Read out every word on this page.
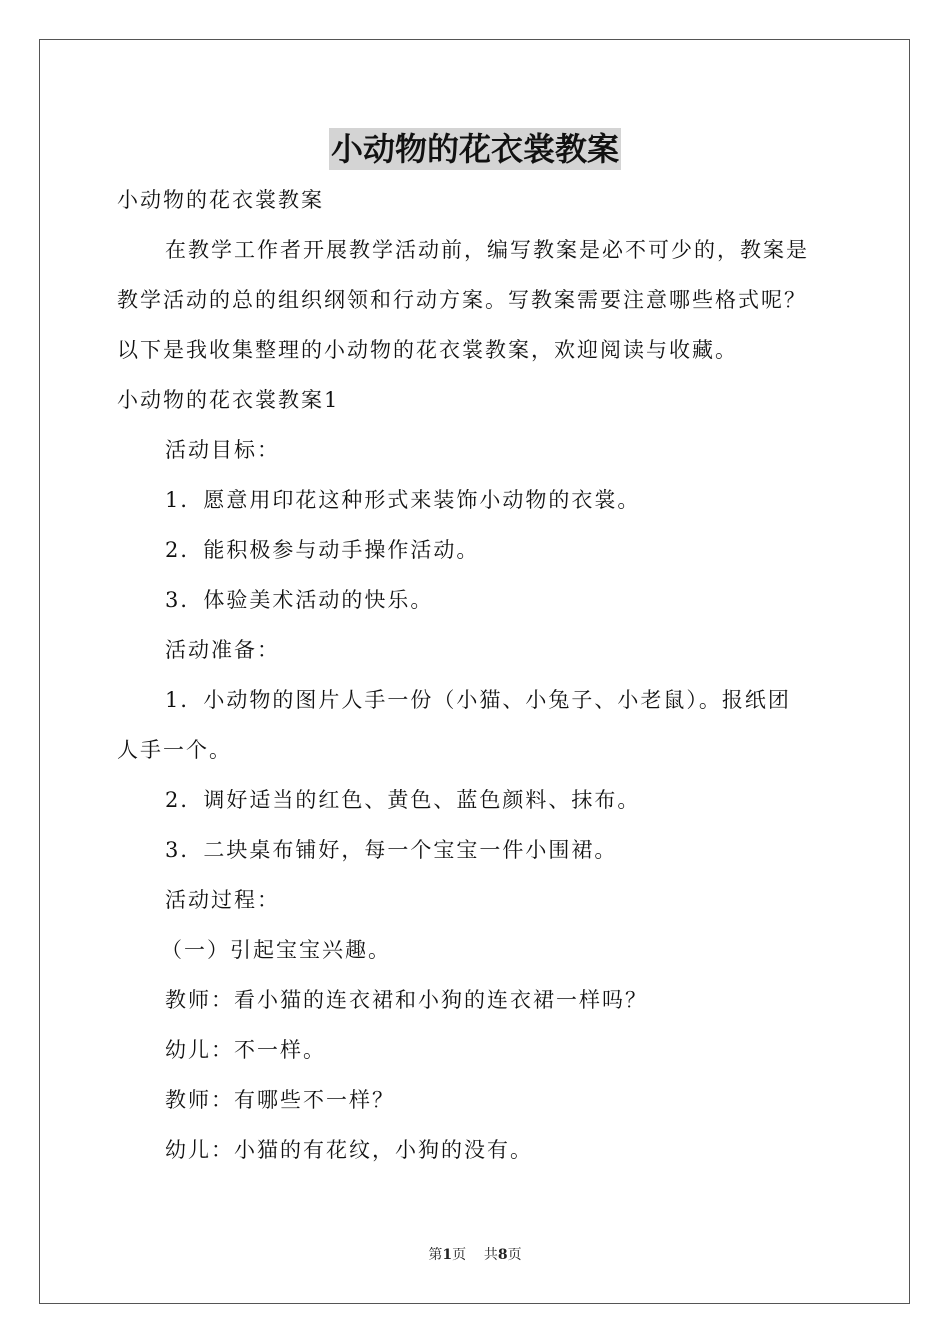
小动物的花衣裳教案
小动物的花衣裳教案
在教学工作者开展教学活动前，编写教案是必不可少的，教案是
教学活动的总的组织纲领和行动方案。写教案需要注意哪些格式呢？
以下是我收集整理的小动物的花衣裳教案，欢迎阅读与收藏。
小动物的花衣裳教案1
活动目标：
1．愿意用印花这种形式来装饰小动物的衣裳。
2．能积极参与动手操作活动。
3．体验美术活动的快乐。
活动准备：
1．小动物的图片人手一份（小猫、小兔子、小老鼠）。报纸团
人手一个。
2．调好适当的红色、黄色、蓝色颜料、抹布。
3．二块桌布铺好，每一个宝宝一件小围裙。
活动过程：
（一）引起宝宝兴趣。
教师：看小猫的连衣裙和小狗的连衣裙一样吗？
幼儿：不一样。
教师：有哪些不一样？
幼儿：小猫的有花纹，小狗的没有。
第1页 共8页
